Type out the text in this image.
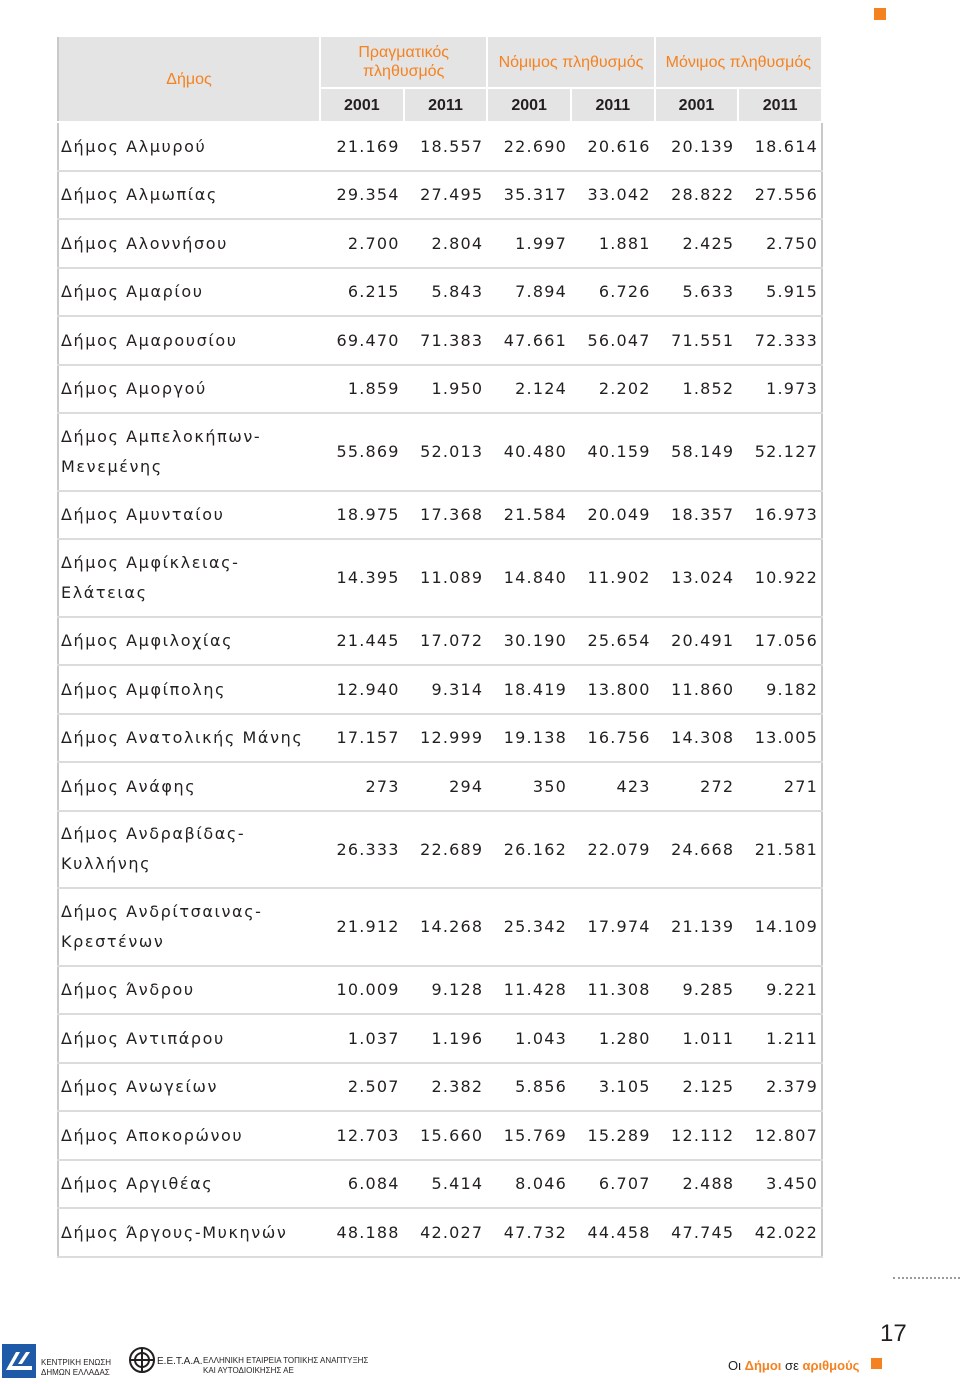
Δήμος	Πραγματικός πληθυσμός		Νόμιμος πληθυσμός		Μόνιμος πληθυσμός	
	2001	2011	2001	2011	2001	2011
Δήμος Αλμυρού	21.169	18.557	22.690	20.616	20.139	18.614
Δήμος Αλμωπίας	29.354	27.495	35.317	33.042	28.822	27.556
Δήμος Αλοννήσου	2.700	2.804	1.997	1.881	2.425	2.750
Δήμος Αμαρίου	6.215	5.843	7.894	6.726	5.633	5.915
Δήμος Αμαρουσίου	69.470	71.383	47.661	56.047	71.551	72.333
Δήμος Αμοργού	1.859	1.950	2.124	2.202	1.852	1.973
Δήμος Αμπελοκήπων-Μενεμένης	55.869	52.013	40.480	40.159	58.149	52.127
Δήμος Αμυνταίου	18.975	17.368	21.584	20.049	18.357	16.973
Δήμος Αμφίκλειας-Ελάτειας	14.395	11.089	14.840	11.902	13.024	10.922
Δήμος Αμφιλοχίας	21.445	17.072	30.190	25.654	20.491	17.056
Δήμος Αμφίπολης	12.940	9.314	18.419	13.800	11.860	9.182
Δήμος Ανατολικής Μάνης	17.157	12.999	19.138	16.756	14.308	13.005
Δήμος Ανάφης	273	294	350	423	272	271
Δήμος Ανδραβίδας-Κυλλήνης	26.333	22.689	26.162	22.079	24.668	21.581
Δήμος Ανδρίτσαινας-Κρεστένων	21.912	14.268	25.342	17.974	21.139	14.109
Δήμος Άνδρου	10.009	9.128	11.428	11.308	9.285	9.221
Δήμος Αντιπάρου	1.037	1.196	1.043	1.280	1.011	1.211
Δήμος Ανωγείων	2.507	2.382	5.856	3.105	2.125	2.379
Δήμος Αποκορώνου	12.703	15.660	15.769	15.289	12.112	12.807
Δήμος Αργιθέας	6.084	5.414	8.046	6.707	2.488	3.450
Δήμος Άργους-Μυκηνών	48.188	42.027	47.732	44.458	47.745	42.022
17
Οι Δήμοι σε αριθμούς
ΚΕΝΤΡΙΚΗ ΕΝΩΣΗ
ΔΗΜΩΝ ΕΛΛΑΔΑΣ
Ε.Ε.Τ.Α.Α. ΕΛΛΗΝΙΚΗ ΕΤΑΙΡΕΙΑ ΤΟΠΙΚΗΣ ΑΝΑΠΤΥΞΗΣ
ΚΑΙ ΑΥΤΟΔΙΟΙΚΗΣΗΣ ΑΕ
